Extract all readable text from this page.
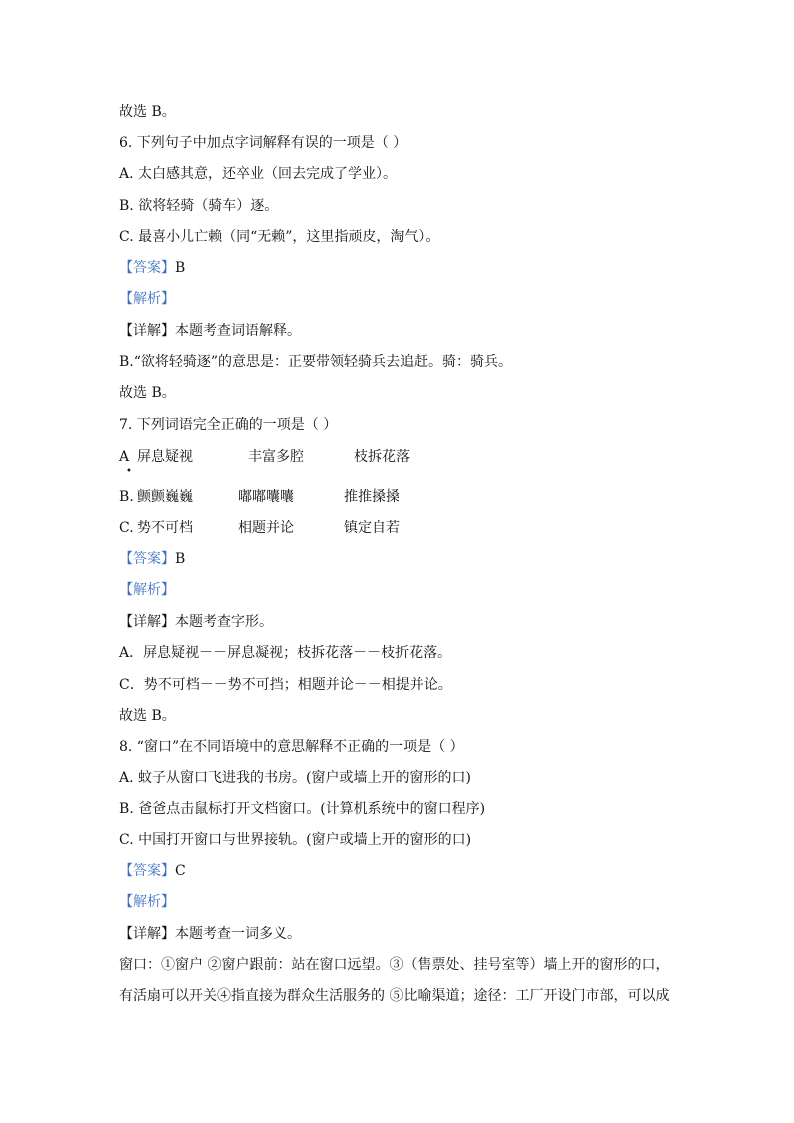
故选 B。
6. 下列句子中加点字词解释有误的一项是（ ）
A. 太白感其意，还卒业（回去完成了学业）。
B. 欲将轻骑（骑车）逐。
C. 最喜小儿亡赖（同“无赖”，这里指顽皮，淘气）。
【答案】B
【解析】
【详解】本题考查词语解释。
B.“欲将轻骑逐”的意思是：正要带领轻骑兵去追赶。骑：骑兵。
故选 B。
7. 下列词语完全正确的一项是（ ）
A 屏息疑视	丰富多腔	枝拆花落
•
B. 颤颤巍巍	嘟嘟囔囔	推推搡搡
C. 势不可档	相题并论	镇定自若
【答案】B
【解析】
【详解】本题考查字形。
A．屏息疑视－－屏息凝视；枝拆花落－－枝折花落。
C．势不可档－－势不可挡；相题并论－－相提并论。
故选 B。
8. “窗口”在不同语境中的意思解释不正确的一项是（ ）
A. 蚊子从窗口飞进我的书房。(窗户或墙上开的窗形的口)
B. 爸爸点击鼠标打开文档窗口。(计算机系统中的窗口程序)
C. 中国打开窗口与世界接轨。(窗户或墙上开的窗形的口)
【答案】C
【解析】
【详解】本题考查一词多义。
窗口：①窗户 ②窗户跟前：站在窗口远望。③（售票处、挂号室等）墙上开的窗形的口，
有活扇可以开关④指直接为群众生活服务的 ⑤比喻渠道；途径：工厂开设门市部，可以成
